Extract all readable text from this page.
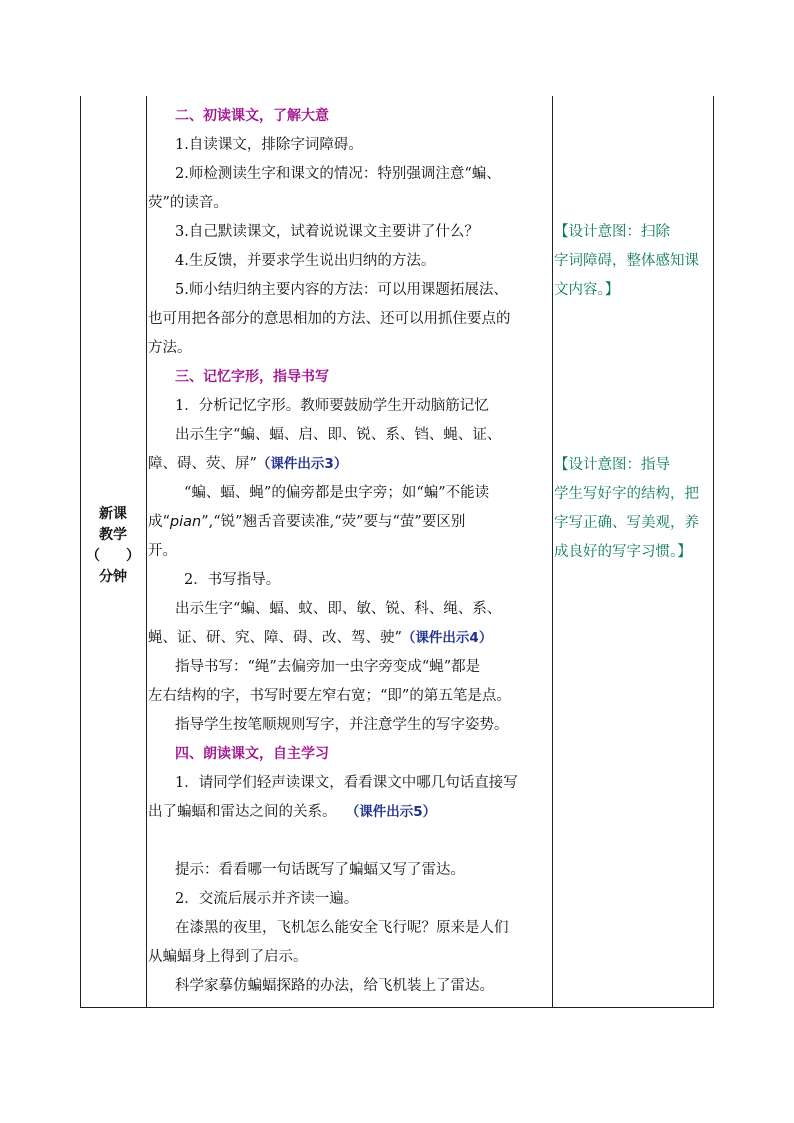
新课
教学
（ ）
分钟

二、初读课文，了解大意

1.自读课文，排除字词障碍。

2.师检测读生字和课文的情况：特别强调注意“蝙、

荧”的读音。

3.自己默读课文，试着说说课文主要讲了什么？

4.生反馈，并要求学生说出归纳的方法。

5.师小结归纳主要内容的方法：可以用课题拓展法、

也可用把各部分的意思相加的方法、还可以用抓住要点的

方法。

三、记忆字形，指导书写

1．分析记忆字形。教师要鼓励学生开动脑筋记忆

出示生字“蝙、蝠、启、即、锐、系、铛、蝇、证、

障、碍、荧、屏”（课件出示3）

“蝙、蝠、蝇”的偏旁都是虫字旁；如“蝙”不能读

成“pian”,“锐”翘舌音要读准,“荧”要与“萤”要区别

开。

2．书写指导。

出示生字“蝙、蝠、蚊、即、敏、锐、科、绳、系、

蝇、证、研、究、障、碍、改、驾、驶”（课件出示4）

指导书写：“绳”去偏旁加一虫字旁变成“蝇”都是

左右结构的字，书写时要左窄右宽；“即”的第五笔是点。

指导学生按笔顺规则写字，并注意学生的写字姿势。

四、朗读课文，自主学习

1．请同学们轻声读课文，看看课文中哪几句话直接写

出了蝙蝠和雷达之间的关系。 （课件出示5）

提示：看看哪一句话既写了蝙蝠又写了雷达。

2．交流后展示并齐读一遍。

在漆黑的夜里，飞机怎么能安全飞行呢？原来是人们

从蝙蝠身上得到了启示。

科学家摹仿蝙蝠探路的办法，给飞机装上了雷达。

【设计意图：扫除
字词障碍，整体感知课
文内容。】
【设计意图：指导
学生写好字的结构，把
字写正确、写美观，养
成良好的写字习惯。】
